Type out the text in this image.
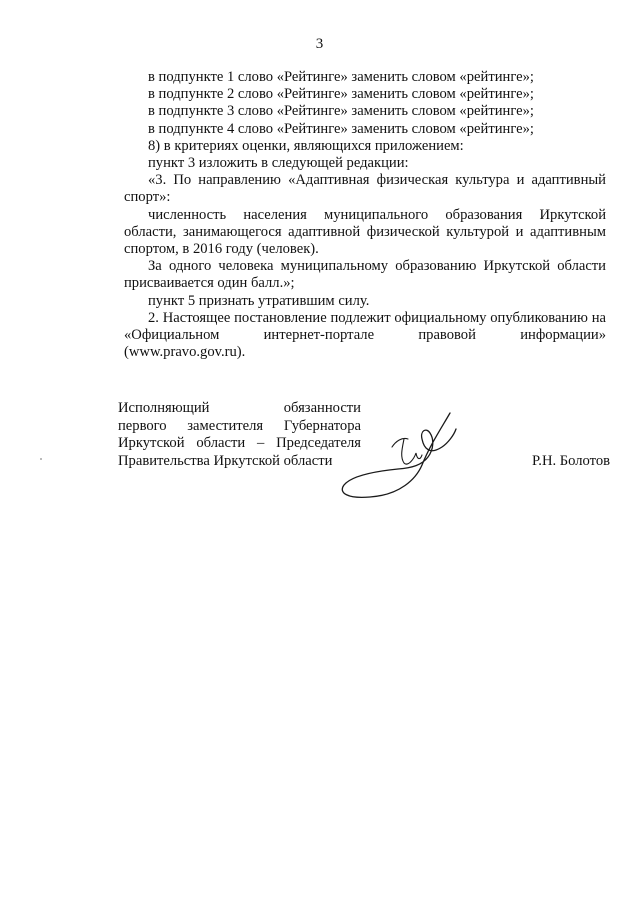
3

в подпункте 1 слово «Рейтинге» заменить словом «рейтинге»;

в подпункте 2 слово «Рейтинге» заменить словом «рейтинге»;

в подпункте 3 слово «Рейтинге» заменить словом «рейтинге»;

в подпункте 4 слово «Рейтинге» заменить словом «рейтинге»;

8) в критериях оценки, являющихся приложением:

пункт 3 изложить в следующей редакции:

«3. По направлению «Адаптивная физическая культура и адаптивный спорт»:

численность населения муниципального образования Иркутской области, занимающегося адаптивной физической культурой и адаптивным спортом, в 2016 году (человек).

За одного человека муниципальному образованию Иркутской области присваивается один балл.»;

пункт 5 признать утратившим силу.

2. Настоящее постановление подлежит официальному опубликованию на «Официальном интернет-портале правовой информации» (www.pravo.gov.ru).

Исполняющий обязанности
первого заместителя Губернатора
Иркутской области – Председателя
Правительства Иркутской области	Р.Н. Болотов
